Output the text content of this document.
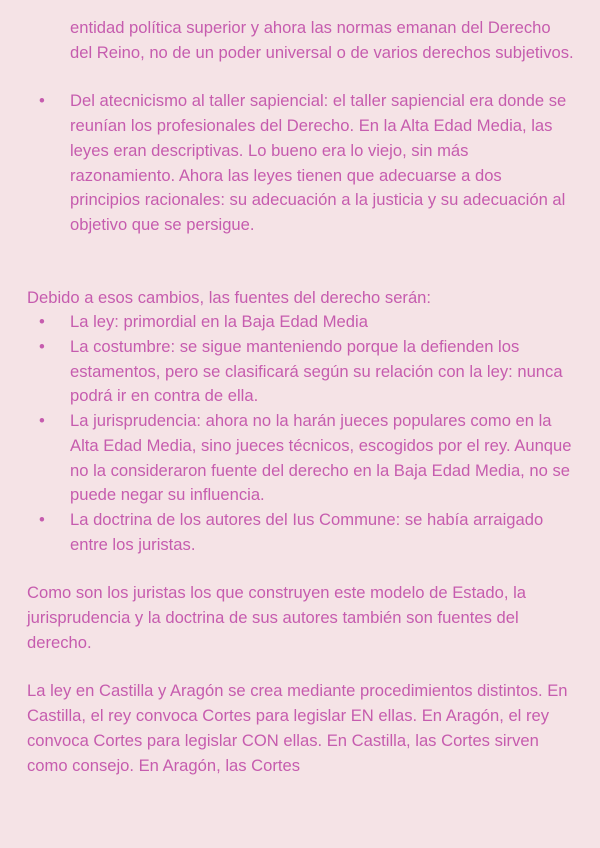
entidad política superior y ahora las normas emanan del Derecho del Reino, no de un poder universal o de varios derechos subjetivos.

• Del atecnicismo al taller sapiencial: el taller sapiencial era donde se reunían los profesionales del Derecho. En la Alta Edad Media, las leyes eran descriptivas. Lo bueno era lo viejo, sin más razonamiento. Ahora las leyes tienen que adecuarse a dos principios racionales: su adecuación a la justicia y su adecuación al objetivo que se persigue.

Debido a esos cambios, las fuentes del derecho serán:

• La ley: primordial en la Baja Edad Media
• La costumbre: se sigue manteniendo porque la defienden los estamentos, pero se clasificará según su relación con la ley: nunca podrá ir en contra de ella.
• La jurisprudencia: ahora no la harán jueces populares como en la Alta Edad Media, sino jueces técnicos, escogidos por el rey. Aunque no la consideraron fuente del derecho en la Baja Edad Media, no se puede negar su influencia.
• La doctrina de los autores del Ius Commune: se había arraigado entre los juristas.

Como son los juristas los que construyen este modelo de Estado, la jurisprudencia y la doctrina de sus autores también son fuentes del derecho.

La ley en Castilla y Aragón se crea mediante procedimientos distintos. En Castilla, el rey convoca Cortes para legislar EN ellas. En Aragón, el rey convoca Cortes para legislar CON ellas. En Castilla, las Cortes sirven como consejo. En Aragón, las Cortes
